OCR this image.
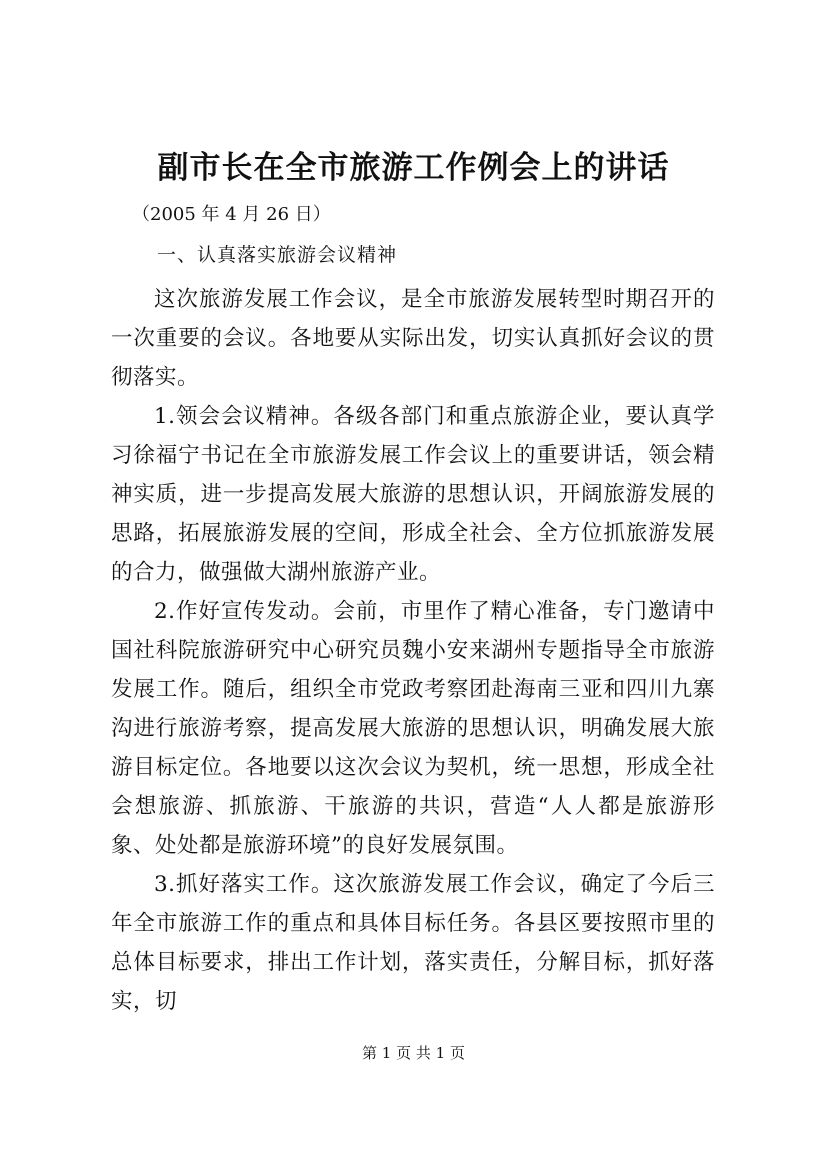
副市长在全市旅游工作例会上的讲话
（2005 年 4 月 26 日）
一、认真落实旅游会议精神

这次旅游发展工作会议，是全市旅游发展转型时期召开的一次重要的会议。各地要从实际出发，切实认真抓好会议的贯彻落实。

1.领会会议精神。各级各部门和重点旅游企业，要认真学习徐福宁书记在全市旅游发展工作会议上的重要讲话，领会精神实质，进一步提高发展大旅游的思想认识，开阔旅游发展的思路，拓展旅游发展的空间，形成全社会、全方位抓旅游发展的合力，做强做大湖州旅游产业。

2.作好宣传发动。会前，市里作了精心准备，专门邀请中国社科院旅游研究中心研究员魏小安来湖州专题指导全市旅游发展工作。随后，组织全市党政考察团赴海南三亚和四川九寨沟进行旅游考察，提高发展大旅游的思想认识，明确发展大旅游目标定位。各地要以这次会议为契机，统一思想，形成全社会想旅游、抓旅游、干旅游的共识，营造“人人都是旅游形象、处处都是旅游环境”的良好发展氛围。

3.抓好落实工作。这次旅游发展工作会议，确定了今后三年全市旅游工作的重点和具体目标任务。各县区要按照市里的总体目标要求，排出工作计划，落实责任，分解目标，抓好落实，切

第 1 页 共 1 页
